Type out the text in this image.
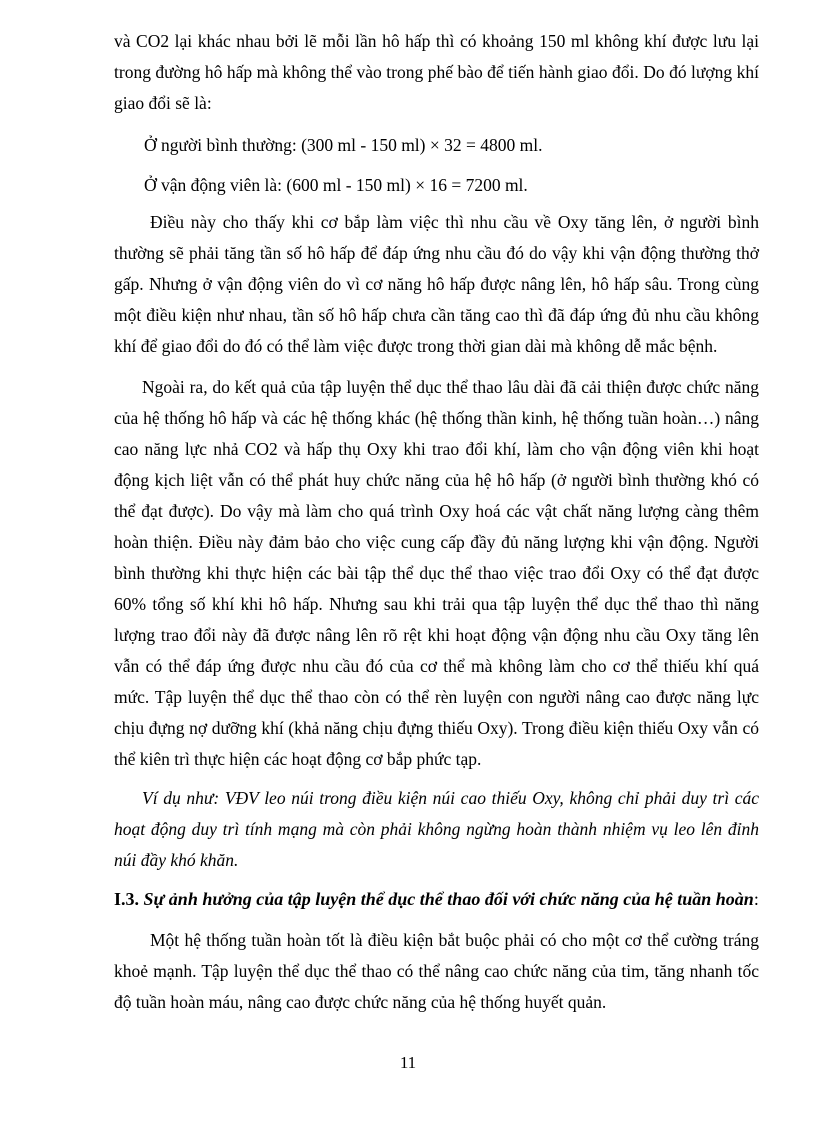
và CO2 lại khác nhau bởi lẽ mỗi lần hô hấp thì có khoảng 150 ml không khí được lưu lại trong đường hô hấp mà không thể vào trong phế bào để tiến hành giao đổi. Do đó lượng khí giao đổi sẽ là:

Ở người bình thường: (300 ml - 150 ml) × 32 = 4800 ml.

Ở vận động viên là: (600 ml - 150 ml) × 16 = 7200 ml.

Điều này cho thấy khi cơ bắp làm việc thì nhu cầu về Oxy tăng lên, ở người bình thường sẽ phải tăng tần số hô hấp để đáp ứng nhu cầu đó do vậy khi vận động thường thở gấp. Nhưng ở vận động viên do vì cơ năng hô hấp được nâng lên, hô hấp sâu. Trong cùng một điều kiện như nhau, tần số hô hấp chưa cần tăng cao thì đã đáp ứng đủ nhu cầu không khí để giao đổi do đó có thể làm việc được trong thời gian dài mà không dễ mắc bệnh.

Ngoài ra, do kết quả của tập luyện thể dục thể thao lâu dài đã cải thiện được chức năng của hệ thống hô hấp và các hệ thống khác (hệ thống thần kinh, hệ thống tuần hoàn…) nâng cao năng lực nhả CO2 và hấp thụ Oxy khi trao đổi khí, làm cho vận động viên khi hoạt động kịch liệt vẫn có thể phát huy chức năng của hệ hô hấp (ở người bình thường khó có thể đạt được). Do vậy mà làm cho quá trình Oxy hoá các vật chất năng lượng càng thêm hoàn thiện. Điều này đảm bảo cho việc cung cấp đầy đủ năng lượng khi vận động. Người bình thường khi thực hiện các bài tập thể dục thể thao việc trao đổi Oxy có thể đạt được 60% tổng số khí khi hô hấp. Nhưng sau khi trải qua tập luyện thể dục thể thao thì năng lượng trao đổi này đã được nâng lên rõ rệt khi hoạt động vận động nhu cầu Oxy tăng lên vẫn có thể đáp ứng được nhu cầu đó của cơ thể mà không làm cho cơ thể thiếu khí quá mức. Tập luyện thể dục thể thao còn có thể rèn luyện con người nâng cao được năng lực chịu đựng nợ dưỡng khí (khả năng chịu đựng thiếu Oxy). Trong điều kiện thiếu Oxy vẫn có thể kiên trì thực hiện các hoạt động cơ bắp phức tạp.

Ví dụ như: VĐV leo núi trong điều kiện núi cao thiếu Oxy, không chỉ phải duy trì các hoạt động duy trì tính mạng mà còn phải không ngừng hoàn thành nhiệm vụ leo lên đỉnh núi đầy khó khăn.

I.3. Sự ảnh hưởng của tập luyện thể dục thể thao đối với chức năng của hệ tuần hoàn:

Một hệ thống tuần hoàn tốt là điều kiện bắt buộc phải có cho một cơ thể cường tráng khoẻ mạnh. Tập luyện thể dục thể thao có thể nâng cao chức năng của tim, tăng nhanh tốc độ tuần hoàn máu, nâng cao được chức năng của hệ thống huyết quản.

11
